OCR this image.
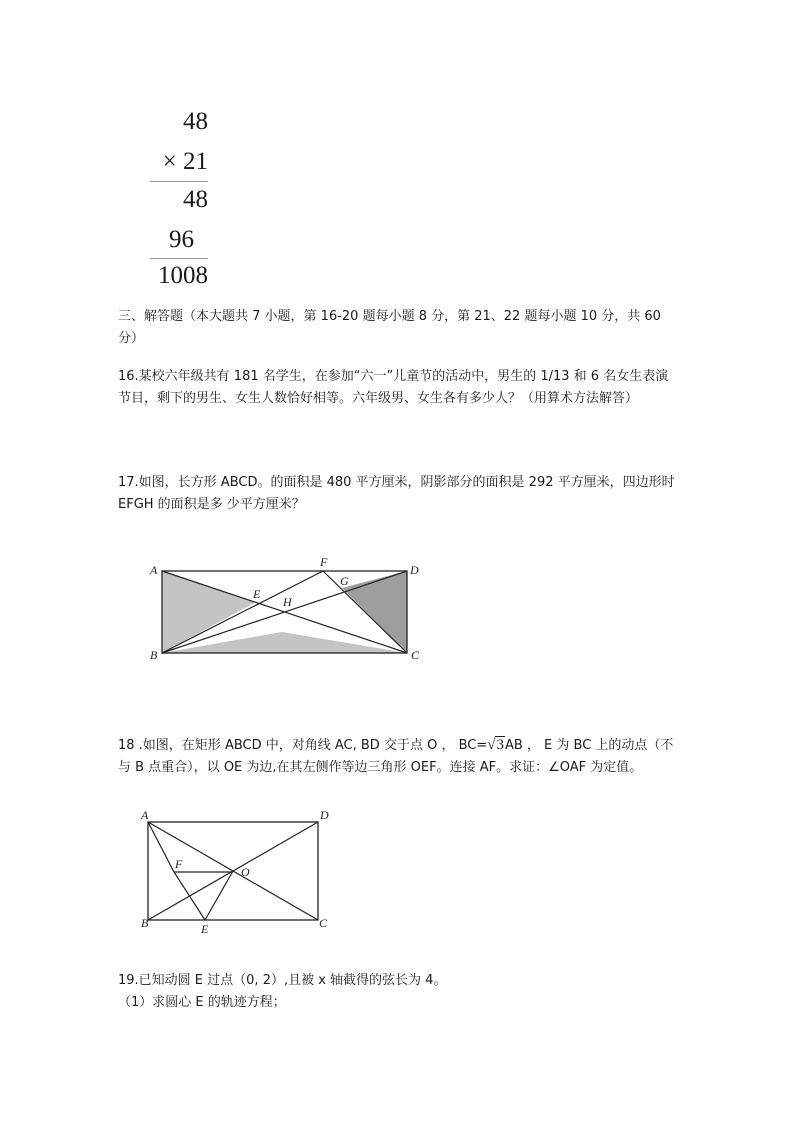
48
× 21
48
96
1008
三、解答题（本大题共 7 小题，第 16-20 题每小题 8 分，第 21、22 题每小题 10 分，共 60 分）
16.某校六年级共有 181 名学生，在参加“六一”儿童节的活动中，男生的 1/13 和 6 名女生表演节目，剩下的男生、女生人数恰好相等。六年级男、女生各有多少人？（用算术方法解答）
17.如图，长方形 ABCD。的面积是 480 平方厘米，阴影部分的面积是 292 平方厘米，四边形时 EFGH 的面积是多 少平方厘米？
A
B	C
D
E
F
G
H
18 .如图，在矩形 ABCD 中，对角线 AC, BD 交于点 O ， BC=√3AB ， E 为 BC 上的动点（不与 B 点重合），以 OE 为边,在其左侧作等边三角形 OEF。连接 AF。求证：∠OAF 为定值。
A
B	C
D
E
F
O
19.已知动圆 E 过点（0, 2）,且被 x 轴截得的弦长为 4。
（1）求圆心 E 的轨迹方程；
